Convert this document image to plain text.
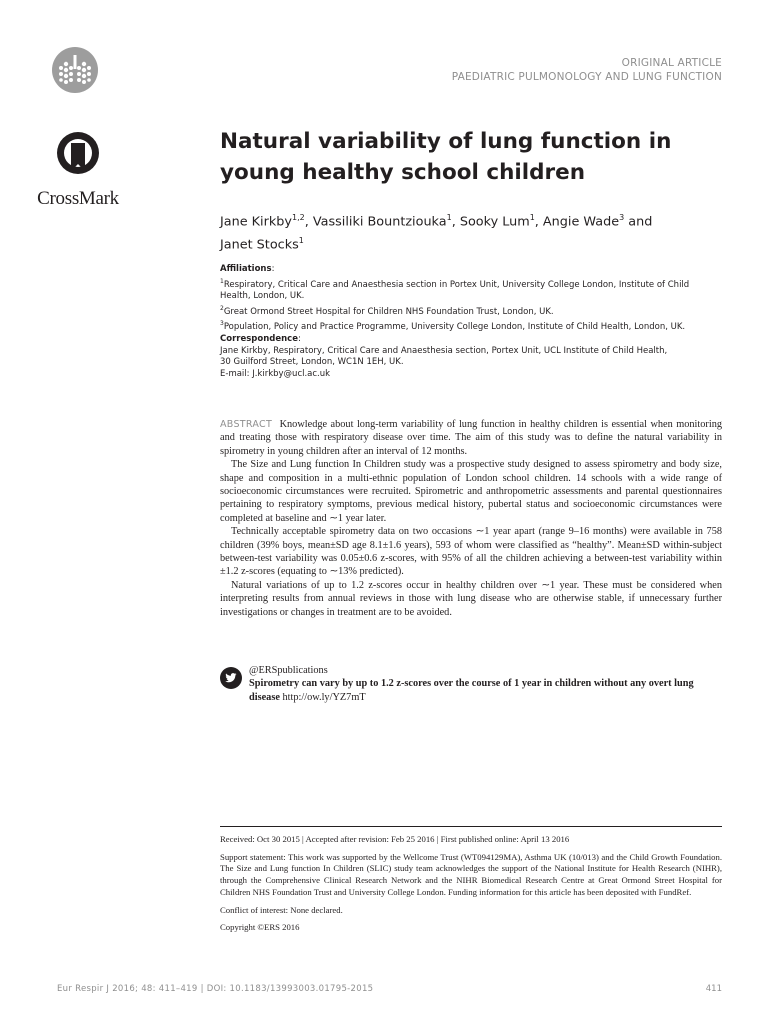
ORIGINAL ARTICLE
PAEDIATRIC PULMONOLOGY AND LUNG FUNCTION
CrossMark
Natural variability of lung function in young healthy school children
Jane Kirkby$^{1,2}$, Vassiliki Bountziouka$^1$, Sooky Lum$^1$, Angie Wade$^3$ and
Janet Stocks$^1$
Affiliations:
$^1$Respiratory, Critical Care and Anaesthesia section in Portex Unit, University College London, Institute of Child Health, London, UK.
$^2$Great Ormond Street Hospital for Children NHS Foundation Trust, London, UK.
$^3$Population, Policy and Practice Programme, University College London, Institute of Child Health, London, UK.
Correspondence:
Jane Kirkby, Respiratory, Critical Care and Anaesthesia section, Portex Unit, UCL Institute of Child Health,
30 Guilford Street, London, WC1N 1EH, UK.
E-mail: J.kirkby@ucl.ac.uk

ABSTRACT Knowledge about long-term variability of lung function in healthy children is essential when monitoring and treating those with respiratory disease over time. The aim of this study was to define the natural variability in spirometry in young children after an interval of 12 months.

The Size and Lung function In Children study was a prospective study designed to assess spirometry and body size, shape and composition in a multi-ethnic population of London school children. 14 schools with a wide range of socioeconomic circumstances were recruited. Spirometric and anthropometric assessments and parental questionnaires pertaining to respiratory symptoms, previous medical history, pubertal status and socioeconomic circumstances were completed at baseline and ∼1 year later.

Technically acceptable spirometry data on two occasions ∼1 year apart (range 9–16 months) were available in 758 children (39% boys, mean±SD age 8.1±1.6 years), 593 of whom were classified as “healthy”. Mean±SD within-subject between-test variability was 0.05±0.6 z-scores, with 95% of all the children achieving a between-test variability within ±1.2 z-scores (equating to ∼13% predicted).

Natural variations of up to 1.2 z-scores occur in healthy children over ∼1 year. These must be considered when interpreting results from annual reviews in those with lung disease who are otherwise stable, if unnecessary further investigations or changes in treatment are to be avoided.

@ERSpublications
Spirometry can vary by up to 1.2 z-scores over the course of 1 year in children without any overt lung disease http://ow.ly/YZ7mT

Received: Oct 30 2015 | Accepted after revision: Feb 25 2016 | First published online: April 13 2016

Support statement: This work was supported by the Wellcome Trust (WT094129MA), Asthma UK (10/013) and the Child Growth Foundation. The Size and Lung function In Children (SLIC) study team acknowledges the support of the National Institute for Health Research (NIHR), through the Comprehensive Clinical Research Network and the NIHR Biomedical Research Centre at Great Ormond Street Hospital for Children NHS Foundation Trust and University College London. Funding information for this article has been deposited with FundRef.

Conflict of interest: None declared.

Copyright ©ERS 2016

Eur Respir J 2016; 48: 411–419 | DOI: 10.1183/13993003.01795-2015	411
